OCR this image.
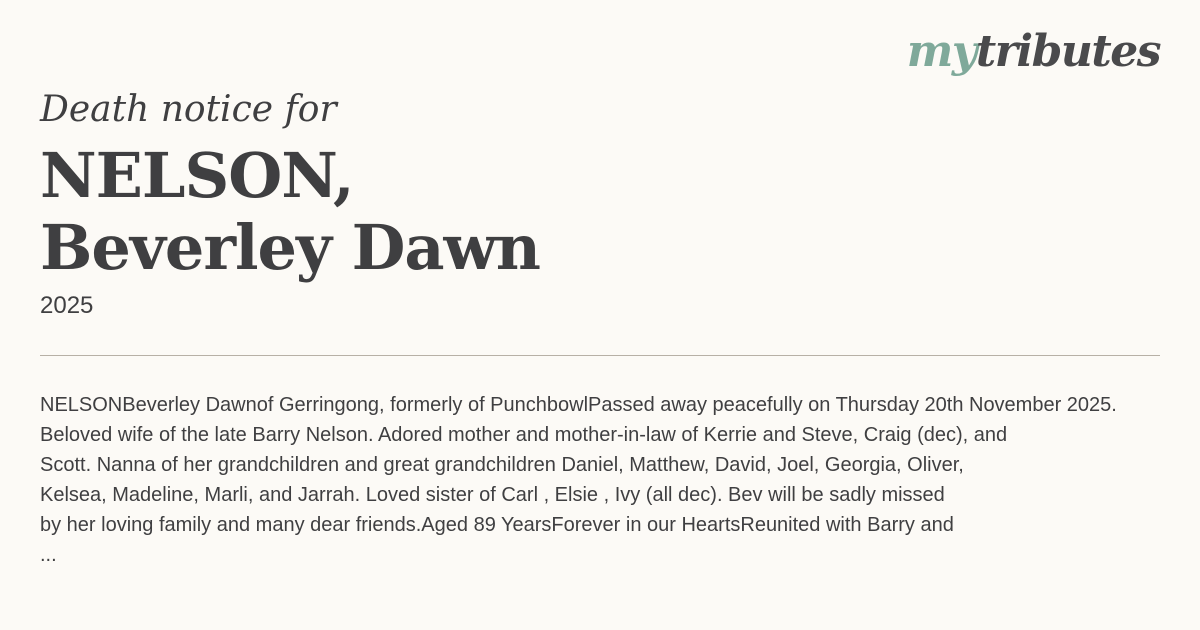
mytributes
Death notice for
NELSON,
Beverley Dawn
2025
NELSONBeverley Dawnof Gerringong, formerly of PunchbowlPassed away peacefully on Thursday 20th November 2025.
Beloved wife of the late Barry Nelson. Adored mother and mother-in-law of Kerrie and Steve, Craig (dec), and
Scott. Nanna of her grandchildren and great grandchildren Daniel, Matthew, David, Joel, Georgia, Oliver,
Kelsea, Madeline, Marli, and Jarrah. Loved sister of Carl , Elsie , Ivy (all dec). Bev will be sadly missed
by her loving family and many dear friends.Aged 89 YearsForever in our HeartsReunited with Barry and
...
